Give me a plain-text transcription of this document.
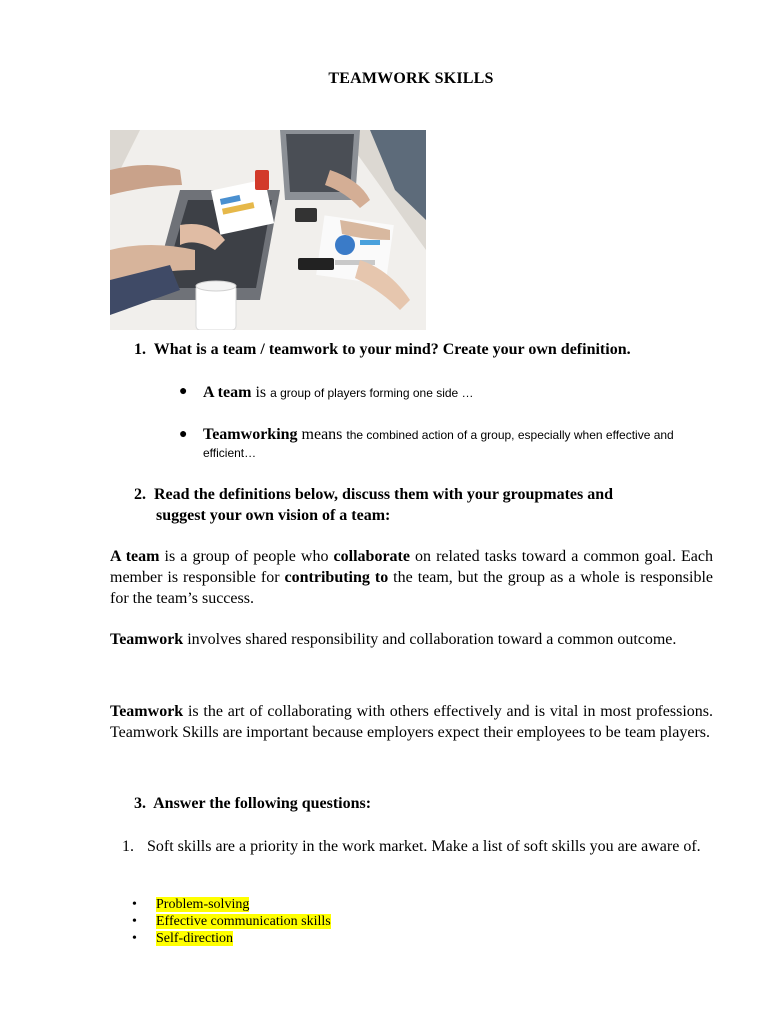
TEAMWORK SKILLS
1. What is a team / teamwork to your mind? Create your own definition.
● A team is a group of players forming one side …
● Teamworking means the combined action of a group, especially when effective and efficient…
2. Read the definitions below, discuss them with your groupmates and
suggest your own vision of a team:
A team is a group of people who collaborate on related tasks toward a common goal. Each member is responsible for contributing to the team, but the group as a whole is responsible for the team’s success.
Teamwork involves shared responsibility and collaboration toward a common outcome.
Teamwork is the art of collaborating with others effectively and is vital in most professions. Teamwork Skills are important because employers expect their employees to be team players.
3. Answer the following questions:
1. Soft skills are a priority in the work market. Make a list of soft skills you are aware of.
• Problem-solving
• Effective communication skills
• Self-direction
